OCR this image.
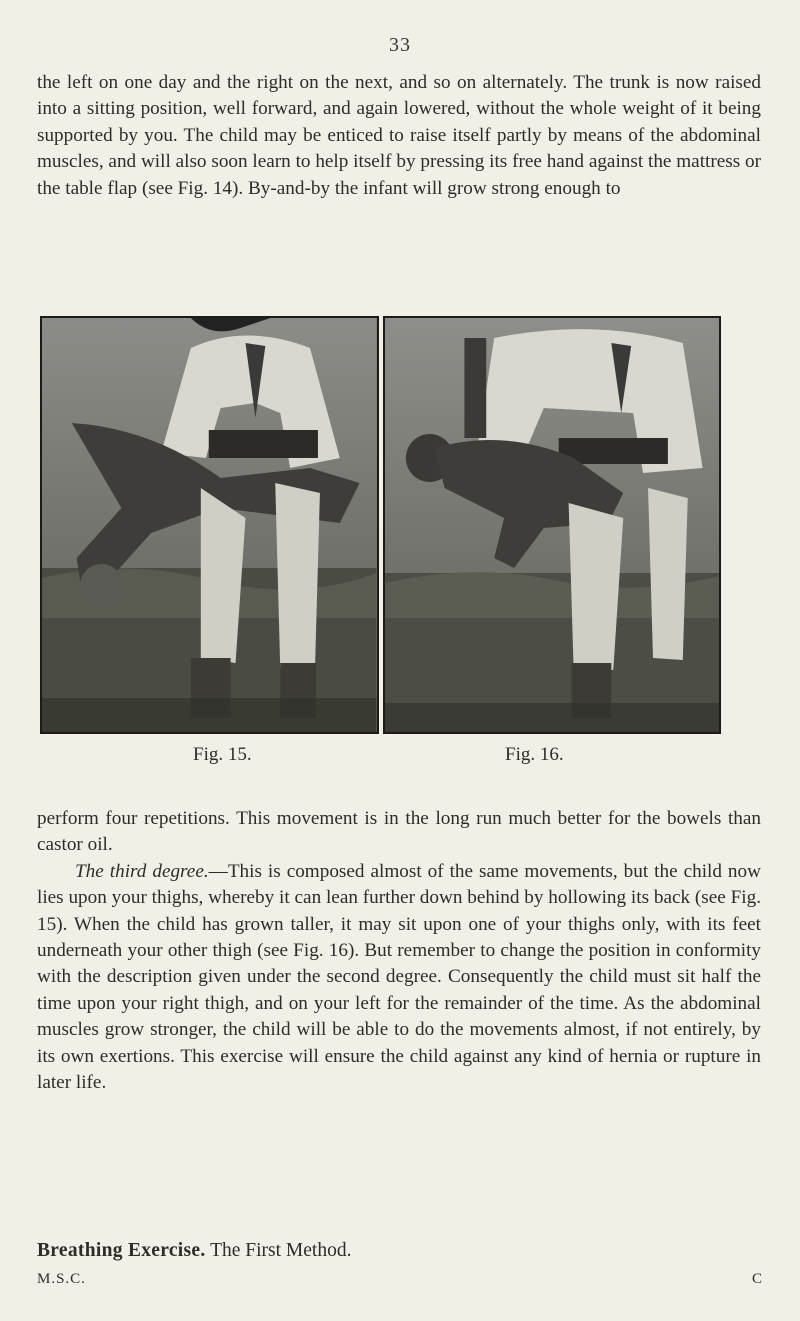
33

the left on one day and the right on the next, and so on alternately. The trunk is now raised into a sitting position, well forward, and again lowered, without the whole weight of it being supported by you. The child may be enticed to raise itself partly by means of the abdominal muscles, and will also soon learn to help itself by pressing its free hand against the mattress or the table flap (see Fig. 14). By-and-by the infant will grow strong enough to

Fig. 15.	Fig. 16.

perform four repetitions. This movement is in the long run much better for the bowels than castor oil.
The third degree.—This is composed almost of the same movements, but the child now lies upon your thighs, whereby it can lean further down behind by hollowing its back (see Fig. 15). When the child has grown taller, it may sit upon one of your thighs only, with its feet underneath your other thigh (see Fig. 16). But remember to change the position in conformity with the description given under the second degree. Consequently the child must sit half the time upon your right thigh, and on your left for the remainder of the time. As the abdominal muscles grow stronger, the child will be able to do the movements almost, if not entirely, by its own exertions. This exercise will ensure the child against any kind of hernia or rupture in later life.

Breathing Exercise. The First Method.
M.S.C.	C
